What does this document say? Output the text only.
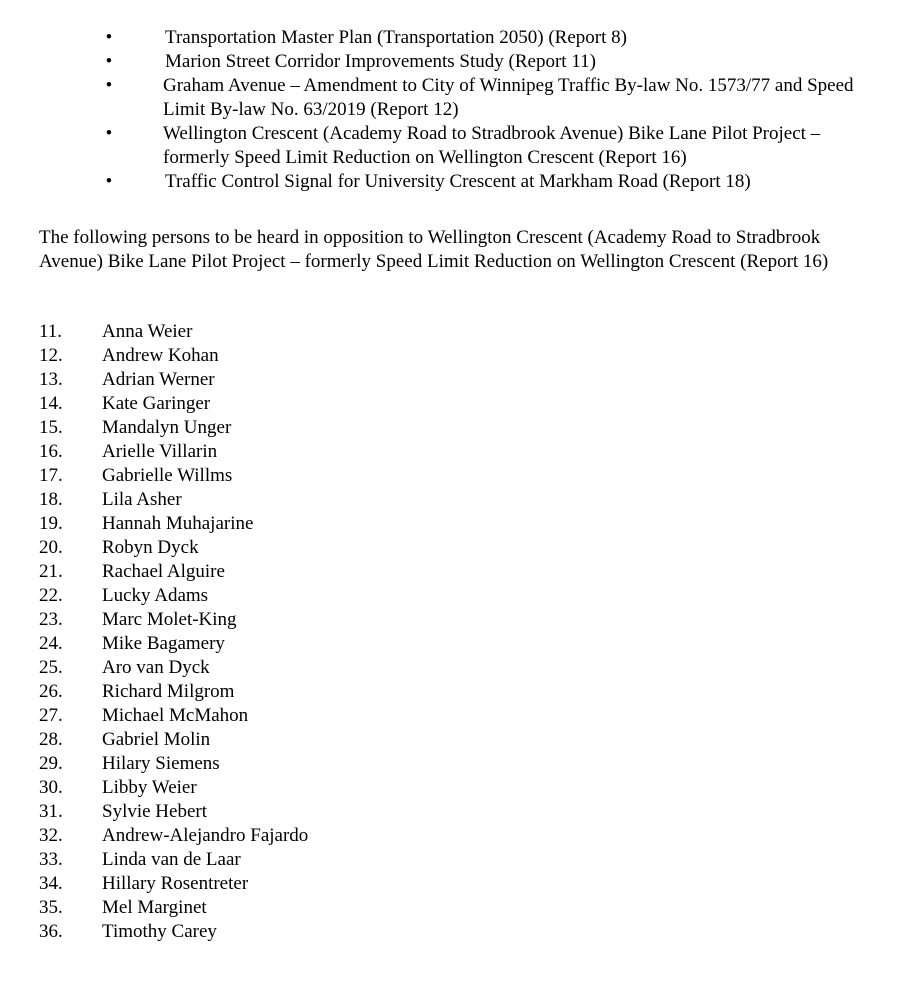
•	Transportation Master Plan (Transportation 2050) (Report 8)
•	Marion Street Corridor Improvements Study (Report 11)
•	Graham Avenue – Amendment to City of Winnipeg Traffic By-law No. 1573/77 and Speed Limit By-law No. 63/2019 (Report 12)
•	Wellington Crescent (Academy Road to Stradbrook Avenue) Bike Lane Pilot Project – formerly Speed Limit Reduction on Wellington Crescent (Report 16)
•	Traffic Control Signal for University Crescent at Markham Road (Report 18)

The following persons to be heard in opposition to Wellington Crescent (Academy Road to Stradbrook Avenue) Bike Lane Pilot Project – formerly Speed Limit Reduction on Wellington Crescent (Report 16)

11.	Anna Weier
12.	Andrew Kohan
13.	Adrian Werner
14.	Kate Garinger
15.	Mandalyn Unger
16.	Arielle Villarin
17.	Gabrielle Willms
18.	Lila Asher
19.	Hannah Muhajarine
20.	Robyn Dyck
21.	Rachael Alguire
22.	Lucky Adams
23.	Marc Molet-King
24.	Mike Bagamery
25.	Aro van Dyck
26.	Richard Milgrom
27.	Michael McMahon
28.	Gabriel Molin
29.	Hilary Siemens
30.	Libby Weier
31.	Sylvie Hebert
32.	Andrew-Alejandro Fajardo
33.	Linda van de Laar
34.	Hillary Rosentreter
35.	Mel Marginet
36.	Timothy Carey
